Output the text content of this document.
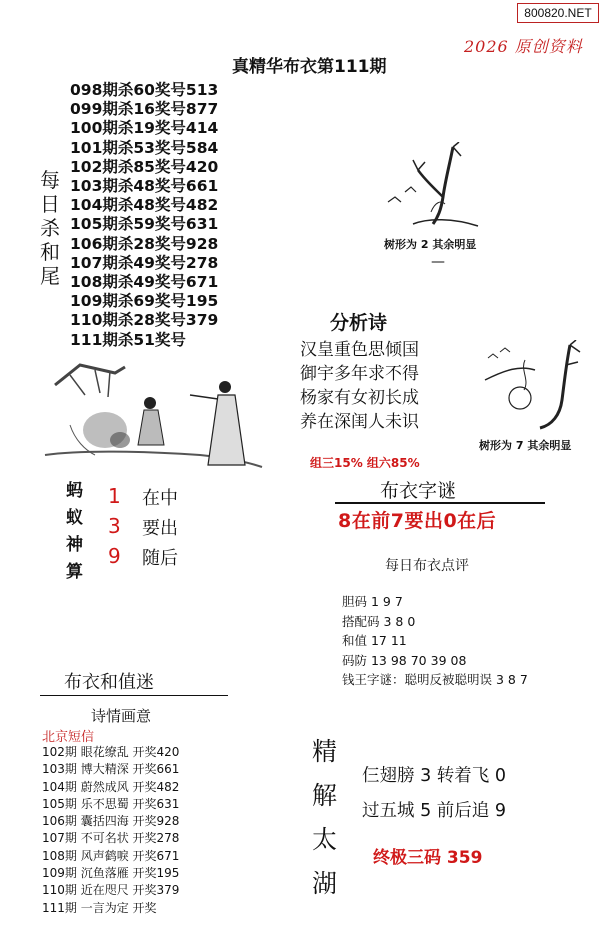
800820.NET
2026 原创资料
真精华布衣第111期
098期杀60奖号513
099期杀16奖号877
100期杀19奖号414
101期杀53奖号584
102期杀85奖号420
103期杀48奖号661
104期杀48奖号482
105期杀59奖号631
106期杀28奖号928
107期杀49奖号278
108期杀49奖号671
109期杀69奖号195
110期杀28奖号379
111期杀51奖号
每
日
杀
和
尾
树形为 2 其余明显
—
分析诗
汉皇重色思倾国
御宇多年求不得
杨家有女初长成
养在深闺人未识
树形为 7 其余明显
组三15% 组六85%
布衣字谜
8在前7要出0在后
蚂
蚁
神
算
1
3
9
在中
要出
随后	每日布衣点评
胆码 1 9 7
搭配码 3 8 0
和值 17 11
码防 13 98 70 39 08
钱王字谜：聪明反被聪明误 3 8 7
布衣和值迷
诗情画意
北京短信
102期 眼花缭乱 开奖420
103期 博大精深 开奖661
104期 蔚然成风 开奖482
105期 乐不思蜀 开奖631
106期 囊括四海 开奖928
107期 不可名状 开奖278
108期 风声鹤唳 开奖671
109期 沉鱼落雁 开奖195
110期 近在咫尺 开奖379
111期 一言为定 开奖
精
解
太
湖
仨翅膀 3 转着飞 0
过五城 5 前后追 9
终极三码 359
